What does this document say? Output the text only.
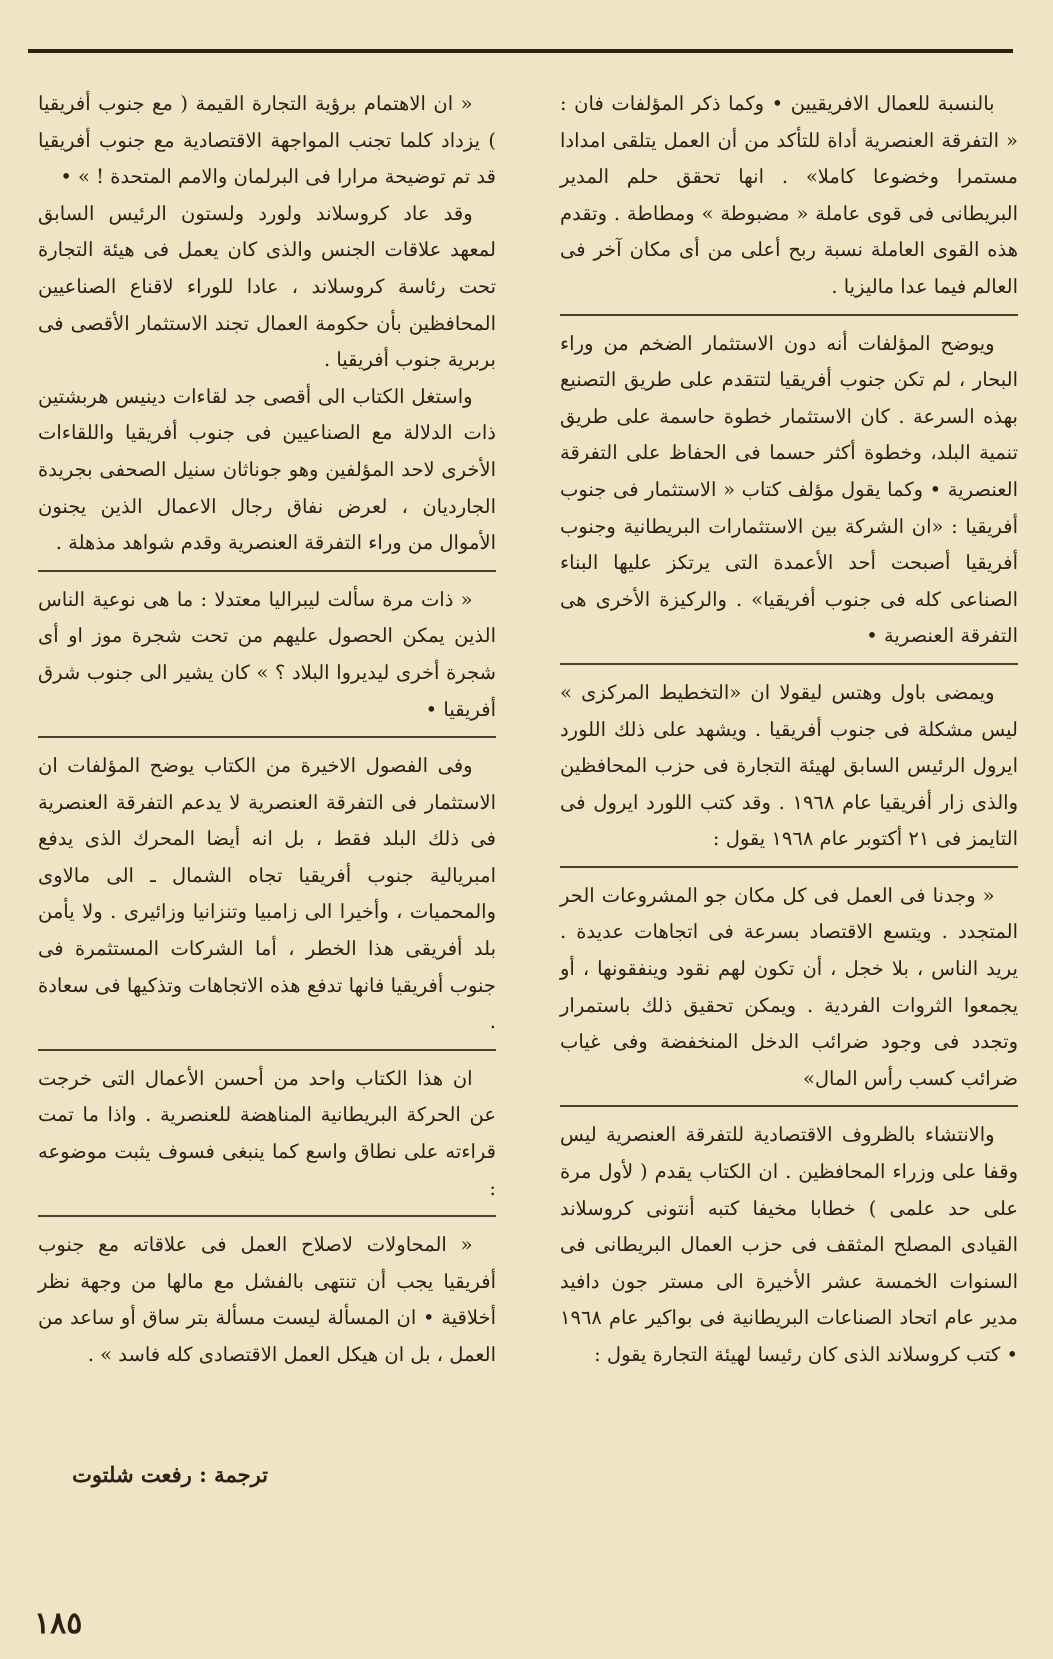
بالنسبة للعمال الافريقيين • وكما ذكر المؤلفات فان : « التفرقة العنصرية أداة للتأكد من أن العمل يتلقى امدادا مستمرا وخضوعا كاملا» . انها تحقق حلم المدير البريطانى فى قوى عاملة « مضبوطة » ومطاطة . وتقدم هذه القوى العاملة نسبة ربح أعلى من أى مكان آخر فى العالم فيما عدا ماليزيا .

ويوضح المؤلفات أنه دون الاستثمار الضخم من وراء البحار ، لم تكن جنوب أفريقيا لتتقدم على طريق التصنيع بهذه السرعة . كان الاستثمار خطوة حاسمة على طريق تنمية البلد، وخطوة أكثر حسما فى الحفاظ على التفرقة العنصرية • وكما يقول مؤلف كتاب « الاستثمار فى جنوب أفريقيا : «ان الشركة بين الاستثمارات البريطانية وجنوب أفريقيا أصبحت أحد الأعمدة التى يرتكز عليها البناء الصناعى كله فى جنوب أفريقيا» . والركيزة الأخرى هى التفرقة العنصرية •

ويمضى باول وهتس ليقولا ان «التخطيط المركزى » ليس مشكلة فى جنوب أفريقيا . ويشهد على ذلك اللورد ايرول الرئيس السابق لهيئة التجارة فى حزب المحافظين والذى زار أفريقيا عام ١٩٦٨ . وقد كتب اللورد ايرول فى التايمز فى ٢١ أكتوبر عام ١٩٦٨ يقول :

« وجدنا فى العمل فى كل مكان جو المشروعات الحر المتجدد . ويتسع الاقتصاد بسرعة فى اتجاهات عديدة . يريد الناس ، بلا خجل ، أن تكون لهم نقود وينفقونها ، أو يجمعوا الثروات الفردية . ويمكن تحقيق ذلك باستمرار وتجدد فى وجود ضرائب الدخل المنخفضة وفى غياب ضرائب كسب رأس المال»

والانتشاء بالظروف الاقتصادية للتفرقة العنصرية ليس وقفا على وزراء المحافظين . ان الكتاب يقدم ( لأول مرة على حد علمى ) خطابا مخيفا كتبه أنتونى كروسلاند القيادى المصلح المثقف فى حزب العمال البريطانى فى السنوات الخمسة عشر الأخيرة الى مستر جون دافيد مدير عام اتحاد الصناعات البريطانية فى بواكير عام ١٩٦٨ • كتب كروسلاند الذى كان رئيسا لهيئة التجارة يقول :

« ان الاهتمام برؤية التجارة القيمة ( مع جنوب أفريقيا ) يزداد كلما تجنب المواجهة الاقتصادية مع جنوب أفريقيا قد تم توضيحة مرارا فى البرلمان والامم المتحدة ! » •

وقد عاد كروسلاند ولورد ولستون الرئيس السابق لمعهد علاقات الجنس والذى كان يعمل فى هيئة التجارة تحت رئاسة كروسلاند ، عادا للوراء لاقناع الصناعيين المحافظين بأن حكومة العمال تجند الاستثمار الأقصى فى بربرية جنوب أفريقيا .

واستغل الكتاب الى أقصى جد لقاءات دينيس هربشتين ذات الدلالة مع الصناعيين فى جنوب أفريقيا واللقاءات الأخرى لاحد المؤلفين وهو جوناثان سنيل الصحفى بجريدة الجارديان ، لعرض نفاق رجال الاعمال الذين يجنون الأموال من وراء التفرقة العنصرية وقدم شواهد مذهلة .

« ذات مرة سألت ليبراليا معتدلا : ما هى نوعية الناس الذين يمكن الحصول عليهم من تحت شجرة موز او أى شجرة أخرى ليديروا البلاد ؟ » كان يشير الى جنوب شرق أفريقيا •

وفى الفصول الاخيرة من الكتاب يوضح المؤلفات ان الاستثمار فى التفرقة العنصرية لا يدعم التفرقة العنصرية فى ذلك البلد فقط ، بل انه أيضا المحرك الذى يدفع امبريالية جنوب أفريقيا تجاه الشمال ـ الى مالاوى والمحميات ، وأخيرا الى زامبيا وتنزانيا وزائيرى . ولا يأمن بلد أفريقى هذا الخطر ، أما الشركات المستثمرة فى جنوب أفريقيا فانها تدفع هذه الاتجاهات وتذكيها فى سعادة .

ان هذا الكتاب واحد من أحسن الأعمال التى خرجت عن الحركة البريطانية المناهضة للعنصرية . واذا ما تمت قراءته على نطاق واسع كما ينبغى فسوف يثبت موضوعه :

« المحاولات لاصلاح العمل فى علاقاته مع جنوب أفريقيا يجب أن تنتهى بالفشل مع مالها من وجهة نظر أخلاقية • ان المسألة ليست مسألة بتر ساق أو ساعد من العمل ، بل ان هيكل العمل الاقتصادى كله فاسد » .

ترجمة : رفعت شلتوت
١٨٥
